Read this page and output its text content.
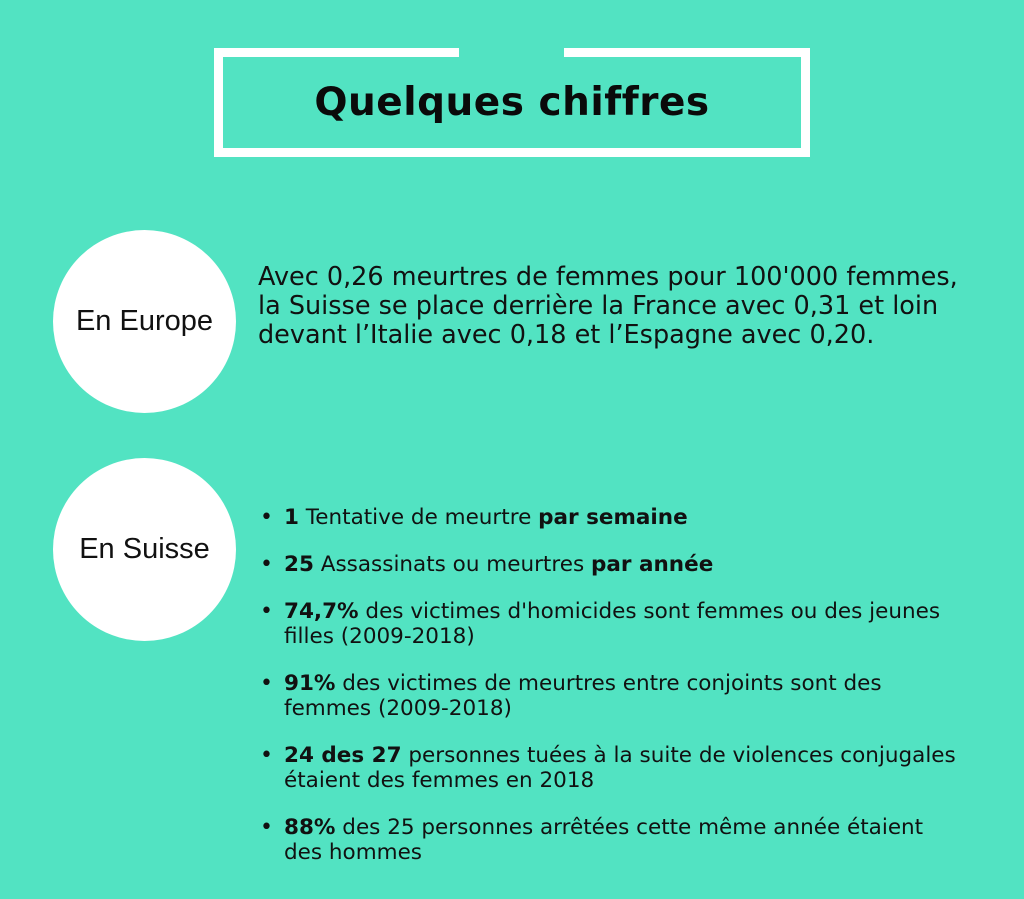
Quelques chiffres
En Europe
Avec 0,26 meurtres de femmes pour 100'000 femmes, la Suisse se place derrière la France avec 0,31 et loin devant l’Italie avec 0,18 et l’Espagne avec 0,20.
En Suisse
• 1 Tentative de meurtre par semaine
• 25 Assassinats ou meurtres par année
• 74,7% des victimes d'homicides sont femmes ou des jeunes filles (2009-2018)
• 91% des victimes de meurtres entre conjoints sont des femmes (2009-2018)
• 24 des 27 personnes tuées à la suite de violences conjugales étaient des femmes en 2018
• 88% des 25 personnes arrêtées cette même année étaient des hommes
